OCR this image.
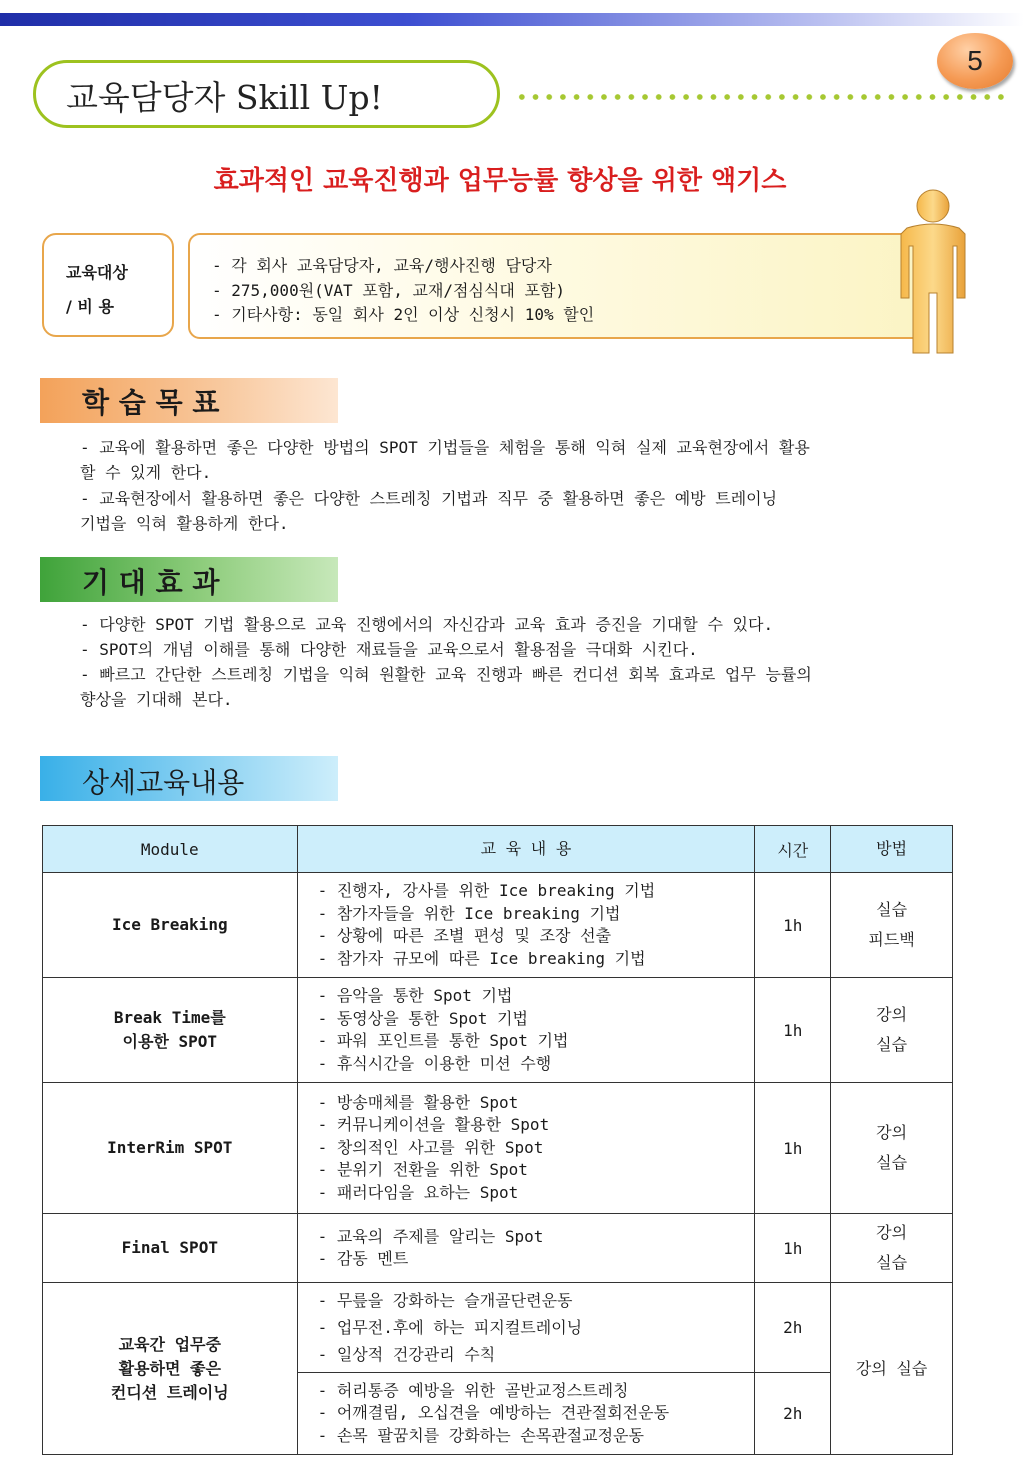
교육담당자 Skill Up!
5
효과적인 교육진행과 업무능률 향상을 위한 액기스
교육대상
/ 비 용
- 각 회사 교육담당자, 교육/행사진행 담당자
- 275,000원(VAT 포함, 교재/점심식대 포함)
- 기타사항: 동일 회사 2인 이상 신청시 10% 할인
학 습 목 표
- 교육에 활용하면 좋은 다양한 방법의 SPOT 기법들을 체험을 통해 익혀 실제 교육현장에서 활용
할 수 있게 한다.
- 교육현장에서 활용하면 좋은 다양한 스트레칭 기법과 직무 중 활용하면 좋은 예방 트레이닝
기법을 익혀 활용하게 한다.
기 대 효 과
- 다양한 SPOT 기법 활용으로 교육 진행에서의 자신감과 교육 효과 증진을 기대할 수 있다.
- SPOT의 개념 이해를 통해 다양한 재료들을 교육으로서 활용점을 극대화 시킨다.
- 빠르고 간단한 스트레칭 기법을 익혀 원활한 교육 진행과 빠른 컨디션 회복 효과로 업무 능률의
향상을 기대해 본다.
상세교육내용
Module	교 육 내 용	시간	방법

Ice Breaking	- 진행자, 강사를 위한 Ice breaking 기법
- 참가자들을 위한 Ice breaking 기법
- 상황에 따른 조별 편성 및 조장 선출
- 참가자 규모에 따른 Ice breaking 기법	1h	실습
피드백

Break Time를
이용한 SPOT	- 음악을 통한 Spot 기법
- 동영상을 통한 Spot 기법
- 파워 포인트를 통한 Spot 기법
- 휴식시간을 이용한 미션 수행	1h	강의
실습

InterRim SPOT	- 방송매체를 활용한 Spot
- 커뮤니케이션을 활용한 Spot
- 창의적인 사고를 위한 Spot
- 분위기 전환을 위한 Spot
- 패러다임을 요하는 Spot	1h	강의
실습

Final SPOT	- 교육의 주제를 알리는 Spot
- 감동 멘트	1h	강의
실습

교육간 업무중
활용하면 좋은
컨디션 트레이닝	- 무릎을 강화하는 슬개골단련운동
- 업무전.후에 하는 피지컬트레이닝
- 일상적 건강관리 수칙	2h	강의 실습

	- 허리통증 예방을 위한 골반교정스트레칭
- 어깨결림, 오십견을 예방하는 견관절회전운동
- 손목 팔꿈치를 강화하는 손목관절교정운동	2h	
